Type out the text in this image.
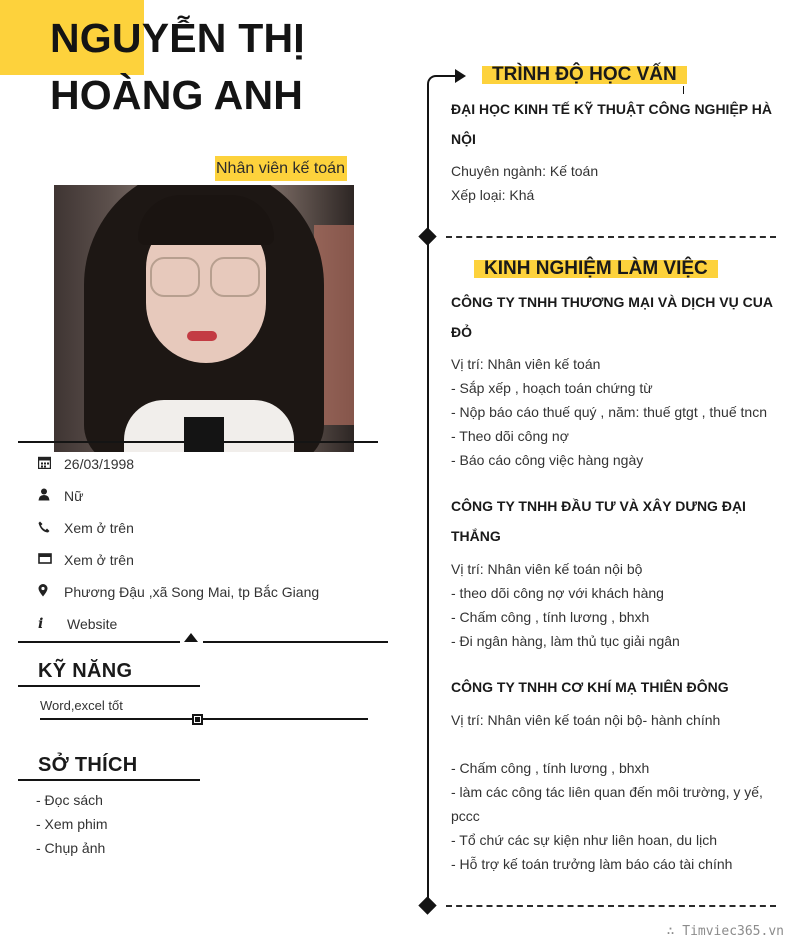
NGUYỄN THỊ
HOÀNG ANH
Nhân viên kế toán
26/03/1998
Nữ
Xem ở trên
Xem ở trên
Phương Đậu ,xã Song Mai, tp Bắc Giang
i	Website
KỸ NĂNG
Word,excel tốt
SỞ THÍCH
- Đọc sách
- Xem phim
- Chụp ảnh
TRÌNH ĐỘ HỌC VẤN
ĐẠI HỌC KINH TẾ KỸ THUẬT CÔNG NGHIỆP HÀ
NỘI
Chuyên ngành: Kế toán
Xếp loại: Khá
KINH NGHIỆM LÀM VIỆC
CÔNG TY TNHH THƯƠNG MẠI VÀ DỊCH VỤ CUA
ĐỎ
Vị trí: Nhân viên kế toán
- Sắp xếp , hoạch toán chứng từ
- Nộp báo cáo thuế quý , năm: thuế gtgt , thuế tncn
- Theo dõi công nợ
- Báo cáo công việc hàng ngày
CÔNG TY TNHH ĐẦU TƯ VÀ XÂY DƯNG ĐẠI
THẮNG
Vị trí: Nhân viên kế toán nội bộ
- theo dõi công nợ với khách hàng
- Chấm công , tính lương , bhxh
- Đi ngân hàng, làm thủ tục giải ngân
CÔNG TY TNHH CƠ KHÍ MẠ THIÊN ĐÔNG
Vị trí: Nhân viên kế toán nội bộ- hành chính
- Chấm công , tính lương , bhxh
- làm các công tác liên quan đến môi trường, y yế,
pccc
- Tổ chứ các sự kiện như liên hoan, du lịch
- Hỗ trợ kế toán trưởng làm báo cáo tài chính
∴ Timviec365.vn
